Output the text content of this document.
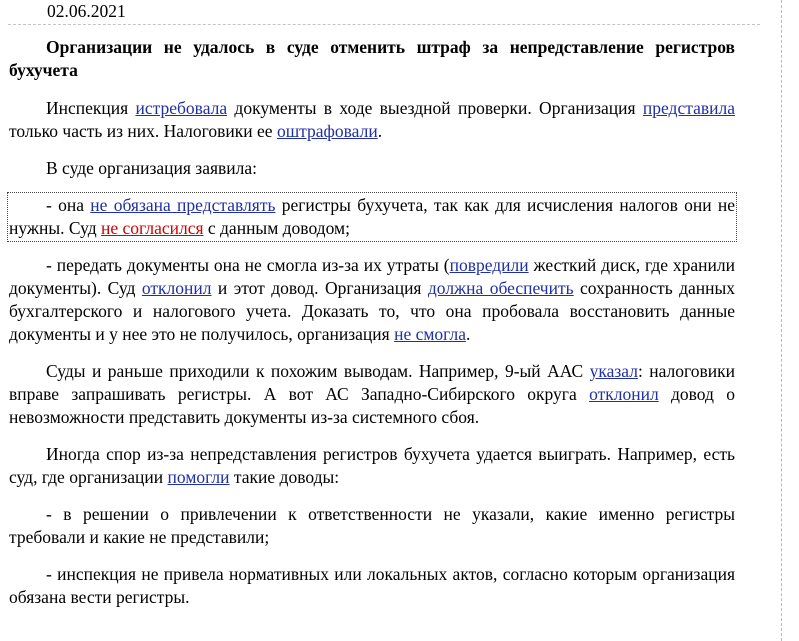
02.06.2021

Организации не удалось в суде отменить штраф за непредставление регистров бухучета

Инспекция истребовала документы в ходе выездной проверки. Организация представила только часть из них. Налоговики ее оштрафовали.

В суде организация заявила:

- она не обязана представлять регистры бухучета, так как для исчисления налогов они не нужны. Суд не согласился с данным доводом;

- передать документы она не смогла из-за их утраты (повредили жесткий диск, где хранили документы). Суд отклонил и этот довод. Организация должна обеспечить сохранность данных бухгалтерского и налогового учета. Доказать то, что она пробовала восстановить данные документы и у нее это не получилось, организация не смогла.

Суды и раньше приходили к похожим выводам. Например, 9-ый ААС указал: налоговики вправе запрашивать регистры. А вот АС Западно-Сибирского округа отклонил довод о невозможности представить документы из-за системного сбоя.

Иногда спор из-за непредставления регистров бухучета удается выиграть. Например, есть суд, где организации помогли такие доводы:

- в решении о привлечении к ответственности не указали, какие именно регистры требовали и какие не представили;

- инспекция не привела нормативных или локальных актов, согласно которым организация обязана вести регистры.
